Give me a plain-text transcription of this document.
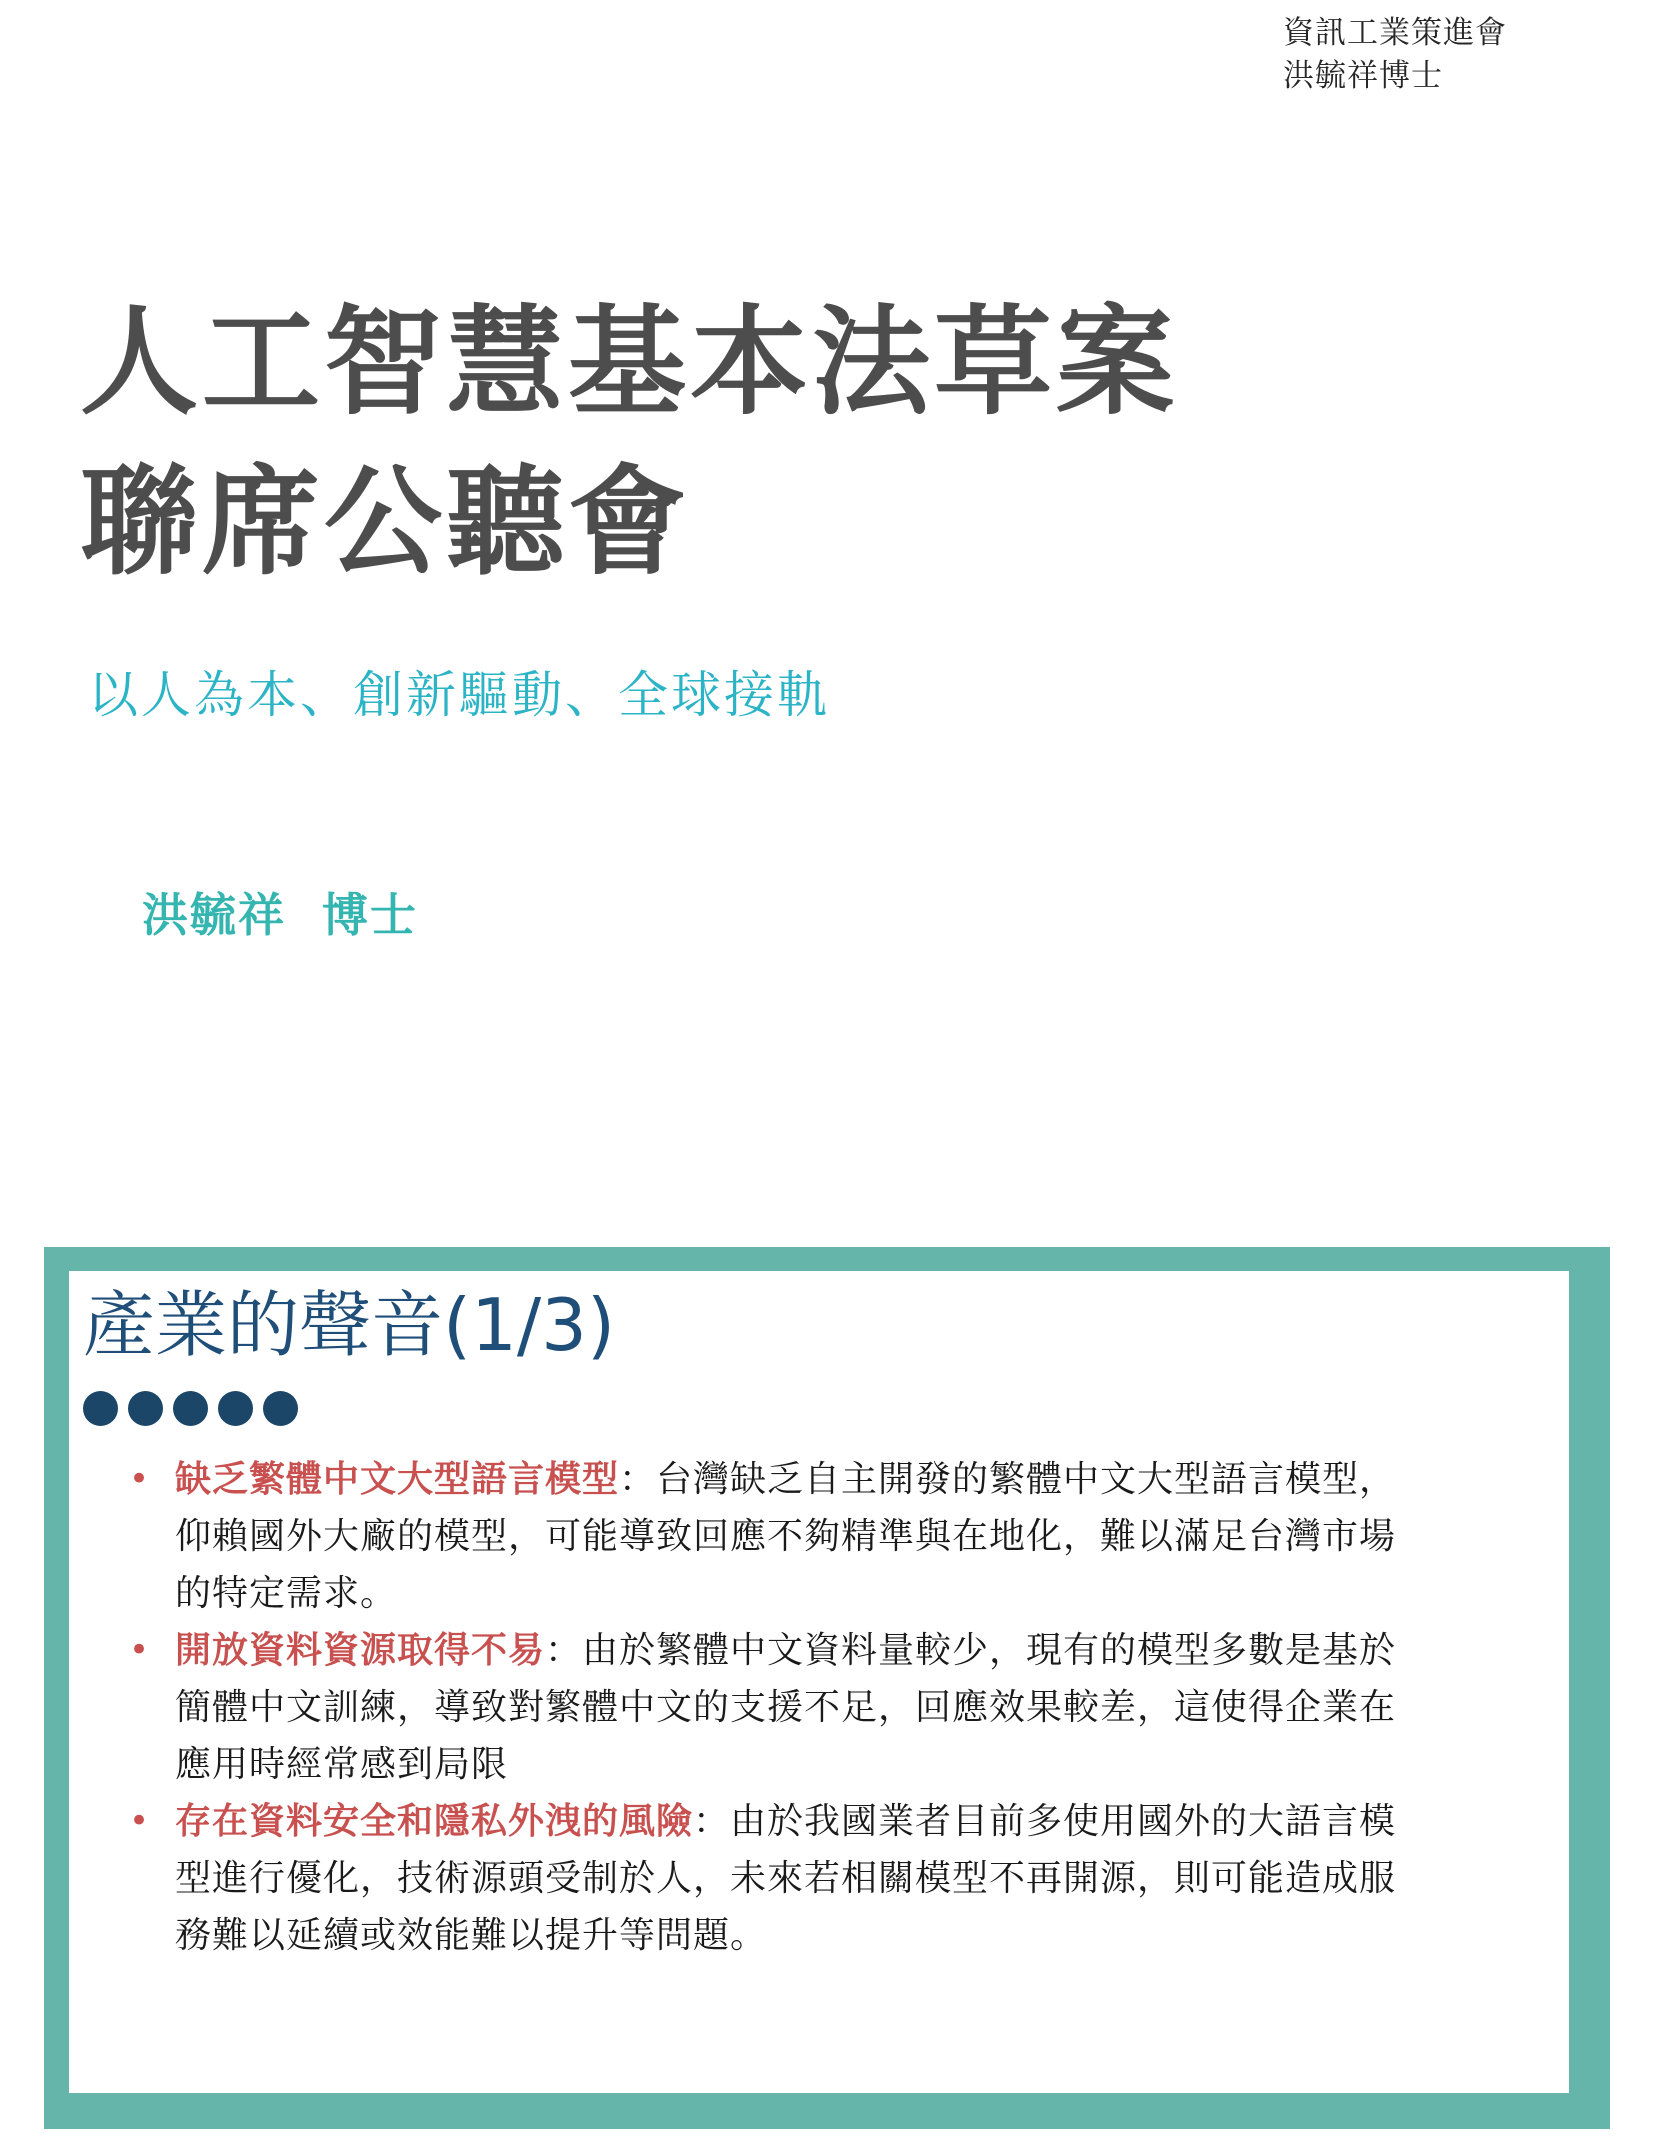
資訊工業策進會
洪毓祥博士
人工智慧基本法草案
聯席公聽會
以人為本、創新驅動、全球接軌
洪毓祥  博士
產業的聲音(1/3)
• 缺乏繁體中文大型語言模型：台灣缺乏自主開發的繁體中文大型語言模型，
仰賴國外大廠的模型，可能導致回應不夠精準與在地化，難以滿足台灣市場
的特定需求。
• 開放資料資源取得不易：由於繁體中文資料量較少，現有的模型多數是基於
簡體中文訓練，導致對繁體中文的支援不足，回應效果較差，這使得企業在
應用時經常感到局限
• 存在資料安全和隱私外洩的風險：由於我國業者目前多使用國外的大語言模
型進行優化，技術源頭受制於人，未來若相關模型不再開源，則可能造成服
務難以延續或效能難以提升等問題。
